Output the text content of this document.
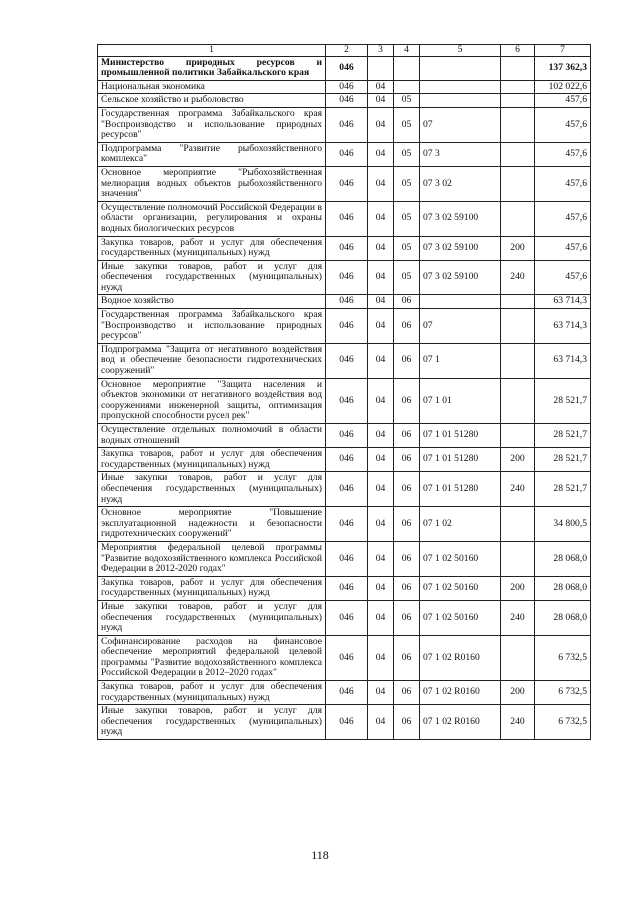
1	2	3	4	5	6	7
Министерство природных ресурсов и промышленной политики Забайкальского края	046					137 362,3
Национальная экономика	046	04				102 022,6
Сельское хозяйство и рыболовство	046	04	05			457,6
Государственная программа Забайкальского края "Воспроизводство и использование природных ресурсов"	046	04	05	07		457,6
Подпрограмма "Развитие рыбохозяйственного комплекса"	046	04	05	07 3		457,6
Основное мероприятие "Рыбохозяйственная мелиорация водных объектов рыбохозяйственного значения"	046	04	05	07 3 02		457,6
Осуществление полномочий Российской Федерации в области организации, регулирования и охраны водных биологических ресурсов	046	04	05	07 3 02 59100		457,6
Закупка товаров, работ и услуг для обеспечения государственных (муниципальных) нужд	046	04	05	07 3 02 59100	200	457,6
Иные закупки товаров, работ и услуг для обеспечения государственных (муниципальных) нужд	046	04	05	07 3 02 59100	240	457,6
Водное хозяйство	046	04	06			63 714,3
Государственная программа Забайкальского края "Воспроизводство и использование природных ресурсов"	046	04	06	07		63 714,3
Подпрограмма "Защита от негативного воздействия вод и обеспечение безопасности гидротехнических сооружений"	046	04	06	07 1		63 714,3
Основное мероприятие "Защита населения и объектов экономики от негативного воздействия вод сооружениями инженерной защиты, оптимизация пропускной способности русел рек"	046	04	06	07 1 01		28 521,7
Осуществление отдельных полномочий в области водных отношений	046	04	06	07 1 01 51280		28 521,7
Закупка товаров, работ и услуг для обеспечения государственных (муниципальных) нужд	046	04	06	07 1 01 51280	200	28 521,7
Иные закупки товаров, работ и услуг для обеспечения государственных (муниципальных) нужд	046	04	06	07 1 01 51280	240	28 521,7
Основное мероприятие "Повышение эксплуатационной надежности и безопасности гидротехнических сооружений"	046	04	06	07 1 02		34 800,5
Мероприятия федеральной целевой программы "Развитие водохозяйственного комплекса Российской Федерации в 2012-2020 годах"	046	04	06	07 1 02 50160		28 068,0
Закупка товаров, работ и услуг для обеспечения государственных (муниципальных) нужд	046	04	06	07 1 02 50160	200	28 068,0
Иные закупки товаров, работ и услуг для обеспечения государственных (муниципальных) нужд	046	04	06	07 1 02 50160	240	28 068,0
Софинансирование расходов на финансовое обеспечение мероприятий федеральной целевой программы "Развитие водохозяйственного комплекса Российской Федерации в 2012–2020 годах"	046	04	06	07 1 02 R0160		6 732,5
Закупка товаров, работ и услуг для обеспечения государственных (муниципальных) нужд	046	04	06	07 1 02 R0160	200	6 732,5
Иные закупки товаров, работ и услуг для обеспечения государственных (муниципальных) нужд	046	04	06	07 1 02 R0160	240	6 732,5
118
